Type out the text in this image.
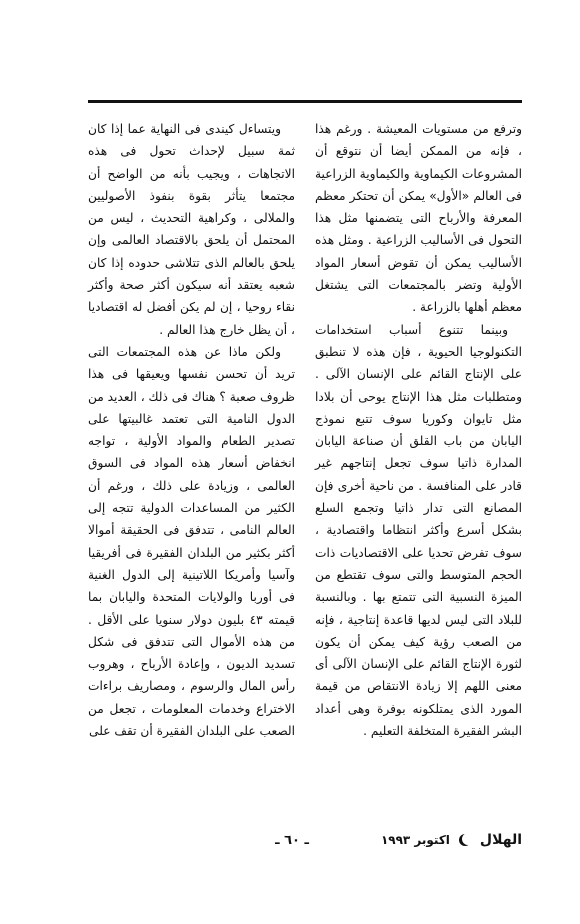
وترفع من مستويات المعيشة . ورغم هذا ، فإنه من الممكن أيضا أن نتوقع أن المشروعات الكيماوية والكيماوية الزراعية فى العالم «الأول» يمكن أن تحتكر معظم المعرفة والأرباح التى يتضمنها مثل هذا التحول فى الأساليب الزراعية . ومثل هذه الأساليب يمكن أن تقوض أسعار المواد الأولية وتضر بالمجتمعات التى يشتغل معظم أهلها بالزراعة .

وبينما تتنوع أسباب استخدامات التكنولوجيا الحيوية ، فإن هذه لا تنطبق على الإنتاج القائم على الإنسان الآلى . ومتطلبات مثل هذا الإنتاج يوحى أن بلادا مثل تايوان وكوريا سوف تتبع نموذج اليابان من باب القلق أن صناعة اليابان المدارة ذاتيا سوف تجعل إنتاجهم غير قادر على المنافسة . من ناحية أخرى فإن المصانع التى تدار ذاتيا وتجمع السلع بشكل أسرع وأكثر انتظاما واقتصادية ، سوف تفرض تحديا على الاقتصاديات ذات الحجم المتوسط والتى سوف تقتطع من الميزة النسبية التى تتمتع بها . وبالنسبة للبلاد التى ليس لديها قاعدة إنتاجية ، فإنه من الصعب رؤية كيف يمكن أن يكون لثورة الإنتاج القائم على الإنسان الآلى أى معنى اللهم إلا زيادة الانتقاص من قيمة المورد الذى يمتلكونه بوفرة وهى أعداد البشر الفقيرة المتخلفة التعليم .

ويتساءل كيندى فى النهاية عما إذا كان ثمة سبيل لإحداث تحول فى هذه الاتجاهات ، ويجيب بأنه من الواضح أن مجتمعا يتأثر بقوة بنفوذ الأصوليين والملالى ، وكراهية التحديث ، ليس من المحتمل أن يلحق بالاقتصاد العالمى وإن يلحق بالعالم الذى تتلاشى حدوده إذا كان شعبه يعتقد أنه سيكون أكثر صحة وأكثر نقاء روحيا ، إن لم يكن أفضل له اقتصاديا ، أن يظل خارج هذا العالم .

ولكن ماذا عن هذه المجتمعات التى تريد أن تحسن نفسها ويعيقها فى هذا ظروف صعبة ؟ هناك فى ذلك ، العديد من الدول النامية التى تعتمد غالبيتها على تصدير الطعام والمواد الأولية ، تواجه انخفاض أسعار هذه المواد فى السوق العالمى ، وزيادة على ذلك ، ورغم أن الكثير من المساعدات الدولية تتجه إلى العالم النامى ، تتدفق فى الحقيقة أموالا أكثر بكثير من البلدان الفقيرة فى أفريقيا وآسيا وأمريكا اللاتينية إلى الدول الغنية فى أوربا والولايات المتحدة واليابان بما قيمته ٤٣ بليون دولار سنويا على الأقل . من هذه الأموال التى تتدفق فى شكل تسديد الديون ، وإعادة الأرباح ، وهروب رأس المال والرسوم ، ومصاريف براءات الاختراع وخدمات المعلومات ، تجعل من الصعب على البلدان الفقيرة أن تقف على

الهلال
اكتوبر ١٩٩٣
ـ ٦٠ ـ
